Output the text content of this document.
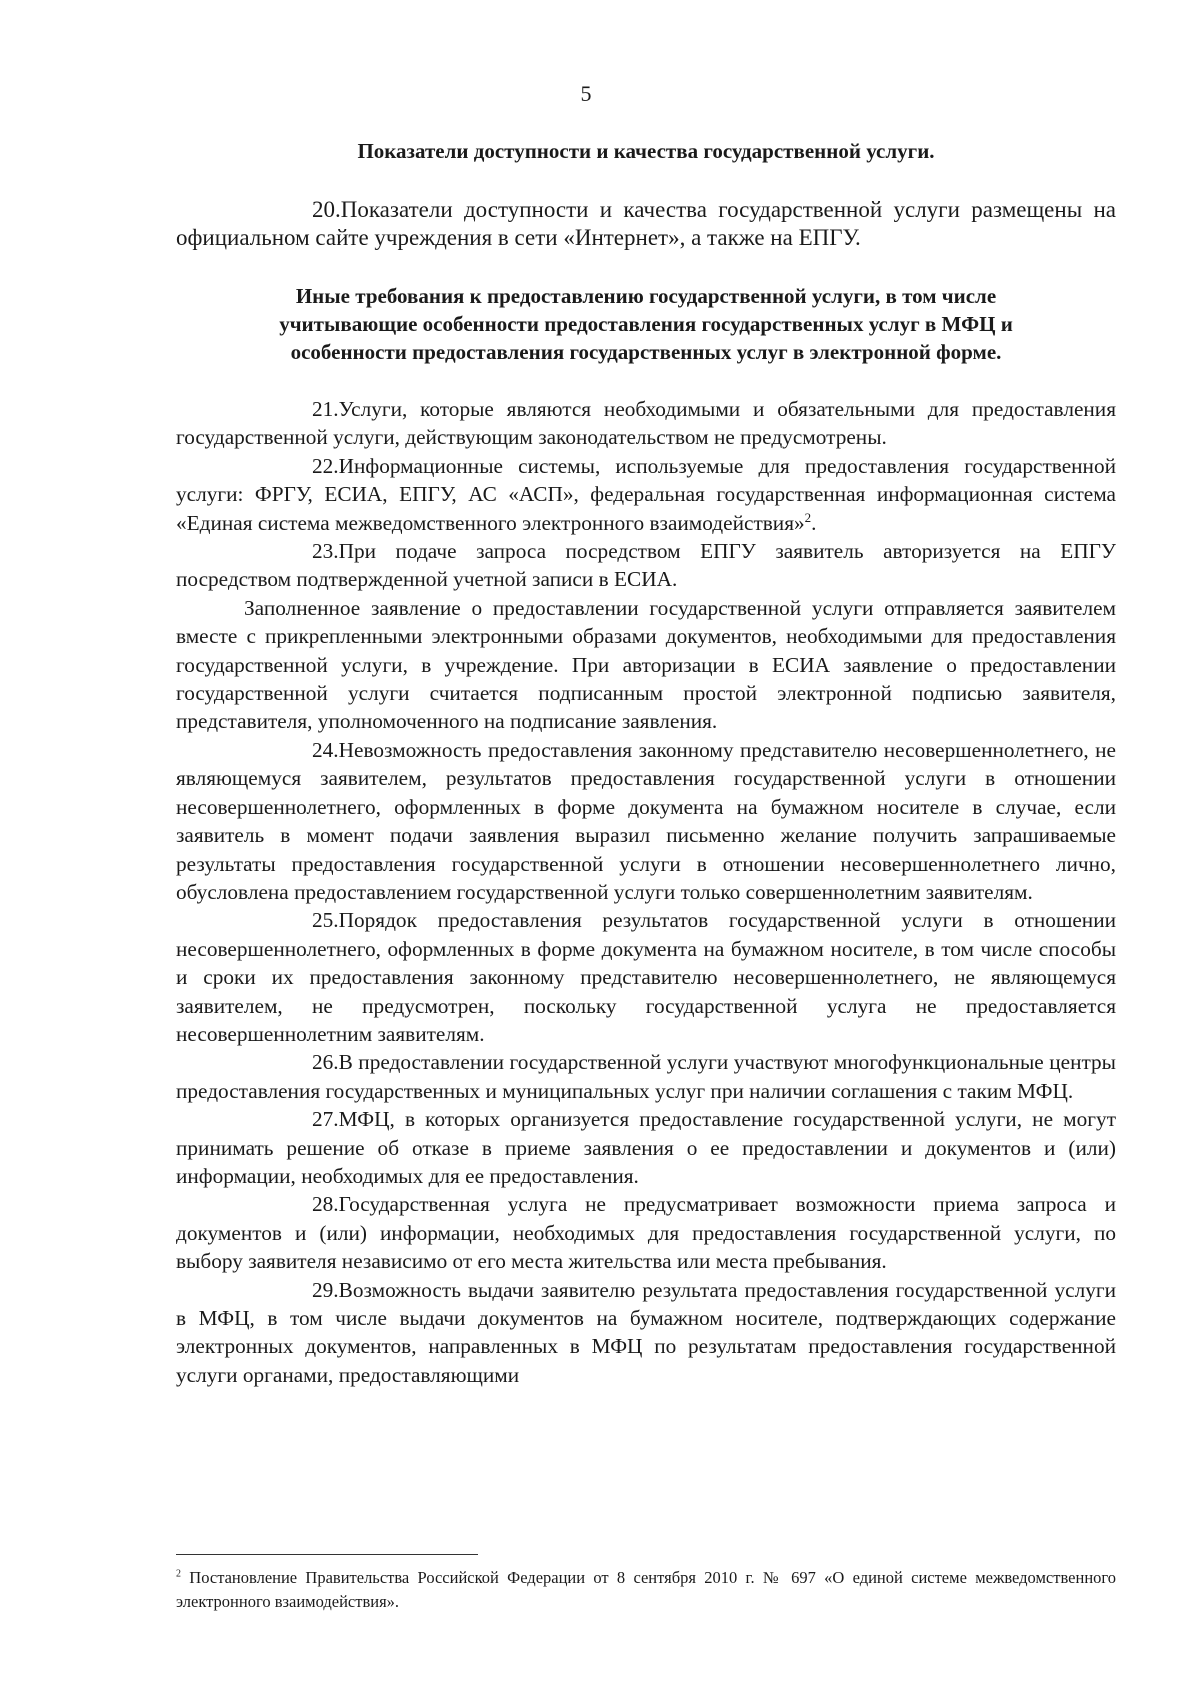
5
Показатели доступности и качества государственной услуги.

20.Показатели доступности и качества государственной услуги размещены на официальном сайте учреждения в сети «Интернет», а также на ЕПГУ.

Иные требования к предоставлению государственной услуги, в том числе
учитывающие особенности предоставления государственных услуг в МФЦ и
особенности предоставления государственных услуг в электронной форме.

21.Услуги, которые являются необходимыми и обязательными для предоставления государственной услуги, действующим законодательством не предусмотрены.

22.Информационные системы, используемые для предоставления государственной услуги: ФРГУ, ЕСИА, ЕПГУ, АС «АСП», федеральная государственная информационная система «Единая система межведомственного электронного взаимодействия»$^2$.

23.При подаче запроса посредством ЕПГУ заявитель авторизуется на ЕПГУ посредством подтвержденной учетной записи в ЕСИА.

Заполненное заявление о предоставлении государственной услуги отправляется заявителем вместе с прикрепленными электронными образами документов, необходимыми для предоставления государственной услуги, в учреждение. При авторизации в ЕСИА заявление о предоставлении государственной услуги считается подписанным простой электронной подписью заявителя, представителя, уполномоченного на подписание заявления.

24.Невозможность предоставления законному представителю несовершеннолетнего, не являющемуся заявителем, результатов предоставления государственной услуги в отношении несовершеннолетнего, оформленных в форме документа на бумажном носителе в случае, если заявитель в момент подачи заявления выразил письменно желание получить запрашиваемые результаты предоставления государственной услуги в отношении несовершеннолетнего лично, обусловлена предоставлением государственной услуги только совершеннолетним заявителям.

25.Порядок предоставления результатов государственной услуги в отношении несовершеннолетнего, оформленных в форме документа на бумажном носителе, в том числе способы и сроки их предоставления законному представителю несовершеннолетнего, не являющемуся заявителем, не предусмотрен, поскольку государственной услуга не предоставляется несовершеннолетним заявителям.

26.В предоставлении государственной услуги участвуют многофункциональные центры предоставления государственных и муниципальных услуг при наличии соглашения с таким МФЦ.

27.МФЦ, в которых организуется предоставление государственной услуги, не могут принимать решение об отказе в приеме заявления о ее предоставлении и документов и (или) информации, необходимых для ее предоставления.

28.Государственная услуга не предусматривает возможности приема запроса и документов и (или) информации, необходимых для предоставления государственной услуги, по выбору заявителя независимо от его места жительства или места пребывания.

29.Возможность выдачи заявителю результата предоставления государственной услуги в МФЦ, в том числе выдачи документов на бумажном носителе, подтверждающих содержание электронных документов, направленных в МФЦ по результатам предоставления государственной услуги органами, предоставляющими

$^2$ Постановление Правительства Российской Федерации от 8 сентября 2010 г. № 697 «О единой системе межведомственного электронного взаимодействия».
